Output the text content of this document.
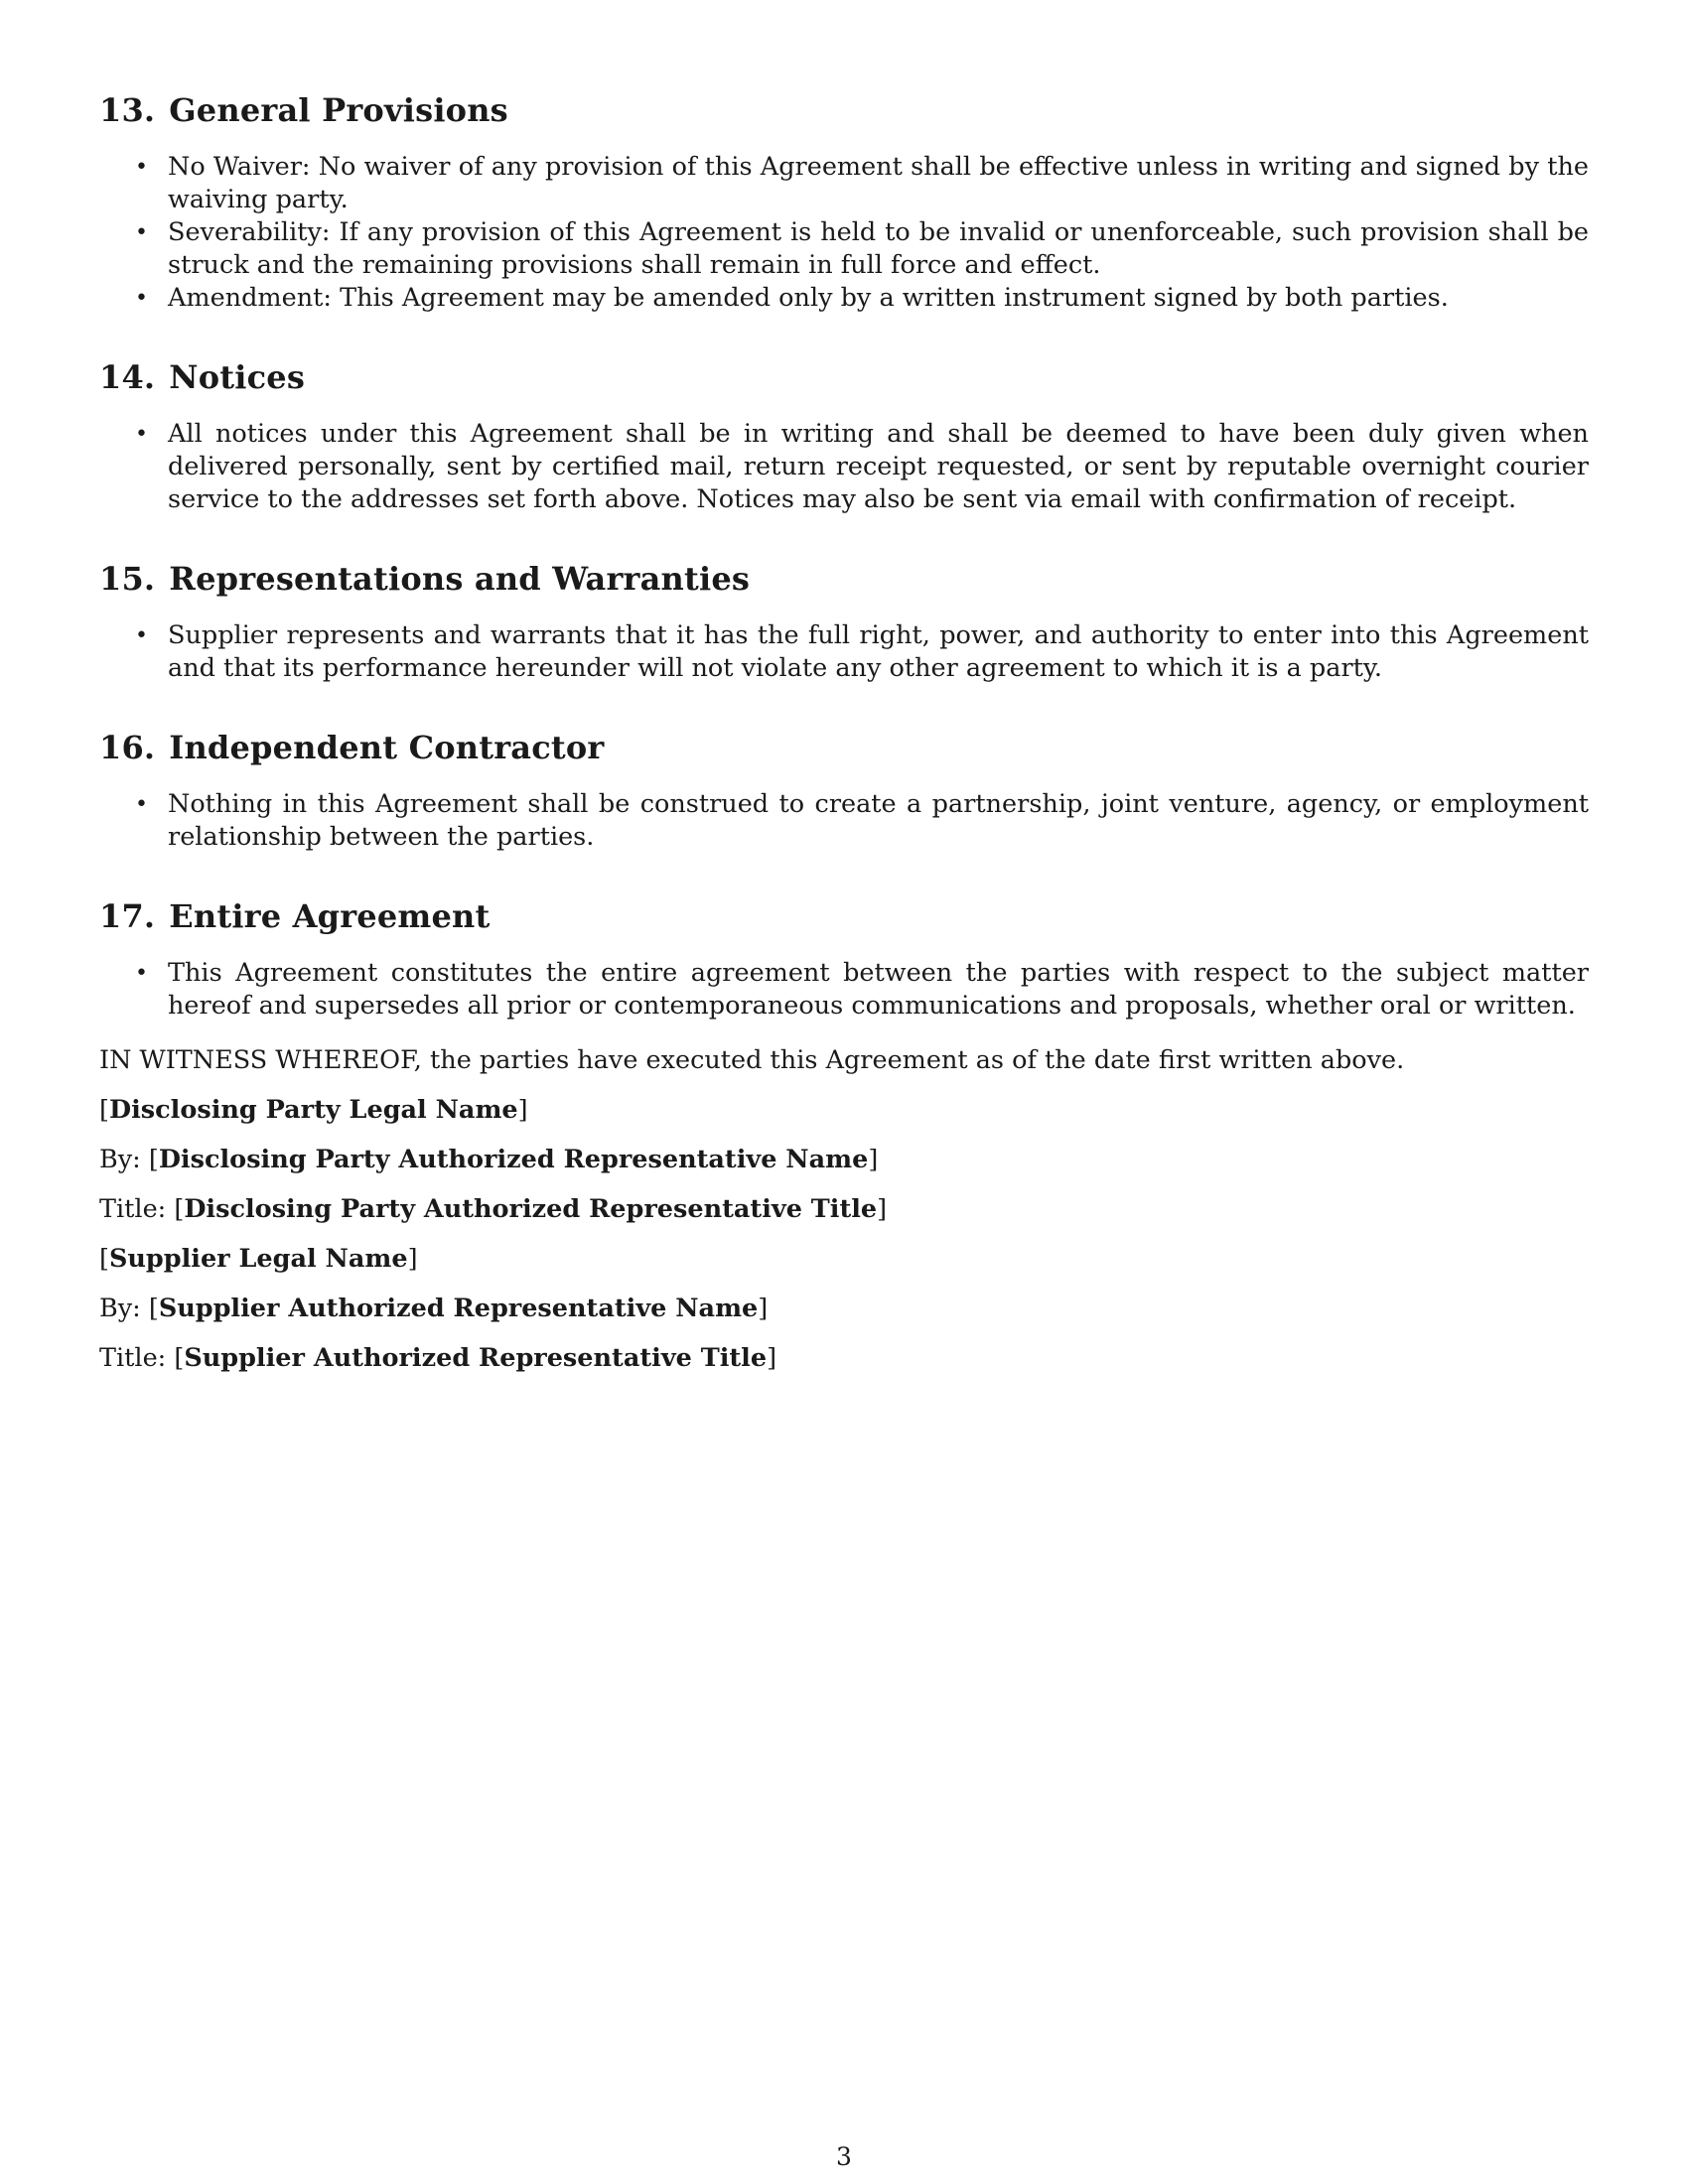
13. General Provisions
• No Waiver: No waiver of any provision of this Agreement shall be effective unless in writing and signed by the waiving party.
• Severability: If any provision of this Agreement is held to be invalid or unenforceable, such provision shall be struck and the remaining provisions shall remain in full force and effect.
• Amendment: This Agreement may be amended only by a written instrument signed by both parties.
14. Notices
• All notices under this Agreement shall be in writing and shall be deemed to have been duly given when delivered personally, sent by certified mail, return receipt requested, or sent by reputable overnight courier service to the addresses set forth above. Notices may also be sent via email with confirmation of receipt.
15. Representations and Warranties
• Supplier represents and warrants that it has the full right, power, and authority to enter into this Agreement and that its performance hereunder will not violate any other agreement to which it is a party.
16. Independent Contractor
• Nothing in this Agreement shall be construed to create a partnership, joint venture, agency, or employment relationship between the parties.
17. Entire Agreement
• This Agreement constitutes the entire agreement between the parties with respect to the subject matter hereof and supersedes all prior or contemporaneous communications and proposals, whether oral or written.

IN WITNESS WHEREOF, the parties have executed this Agreement as of the date first written above.

[Disclosing Party Legal Name]

By: [Disclosing Party Authorized Representative Name]

Title: [Disclosing Party Authorized Representative Title]

[Supplier Legal Name]

By: [Supplier Authorized Representative Name]

Title: [Supplier Authorized Representative Title]

3
